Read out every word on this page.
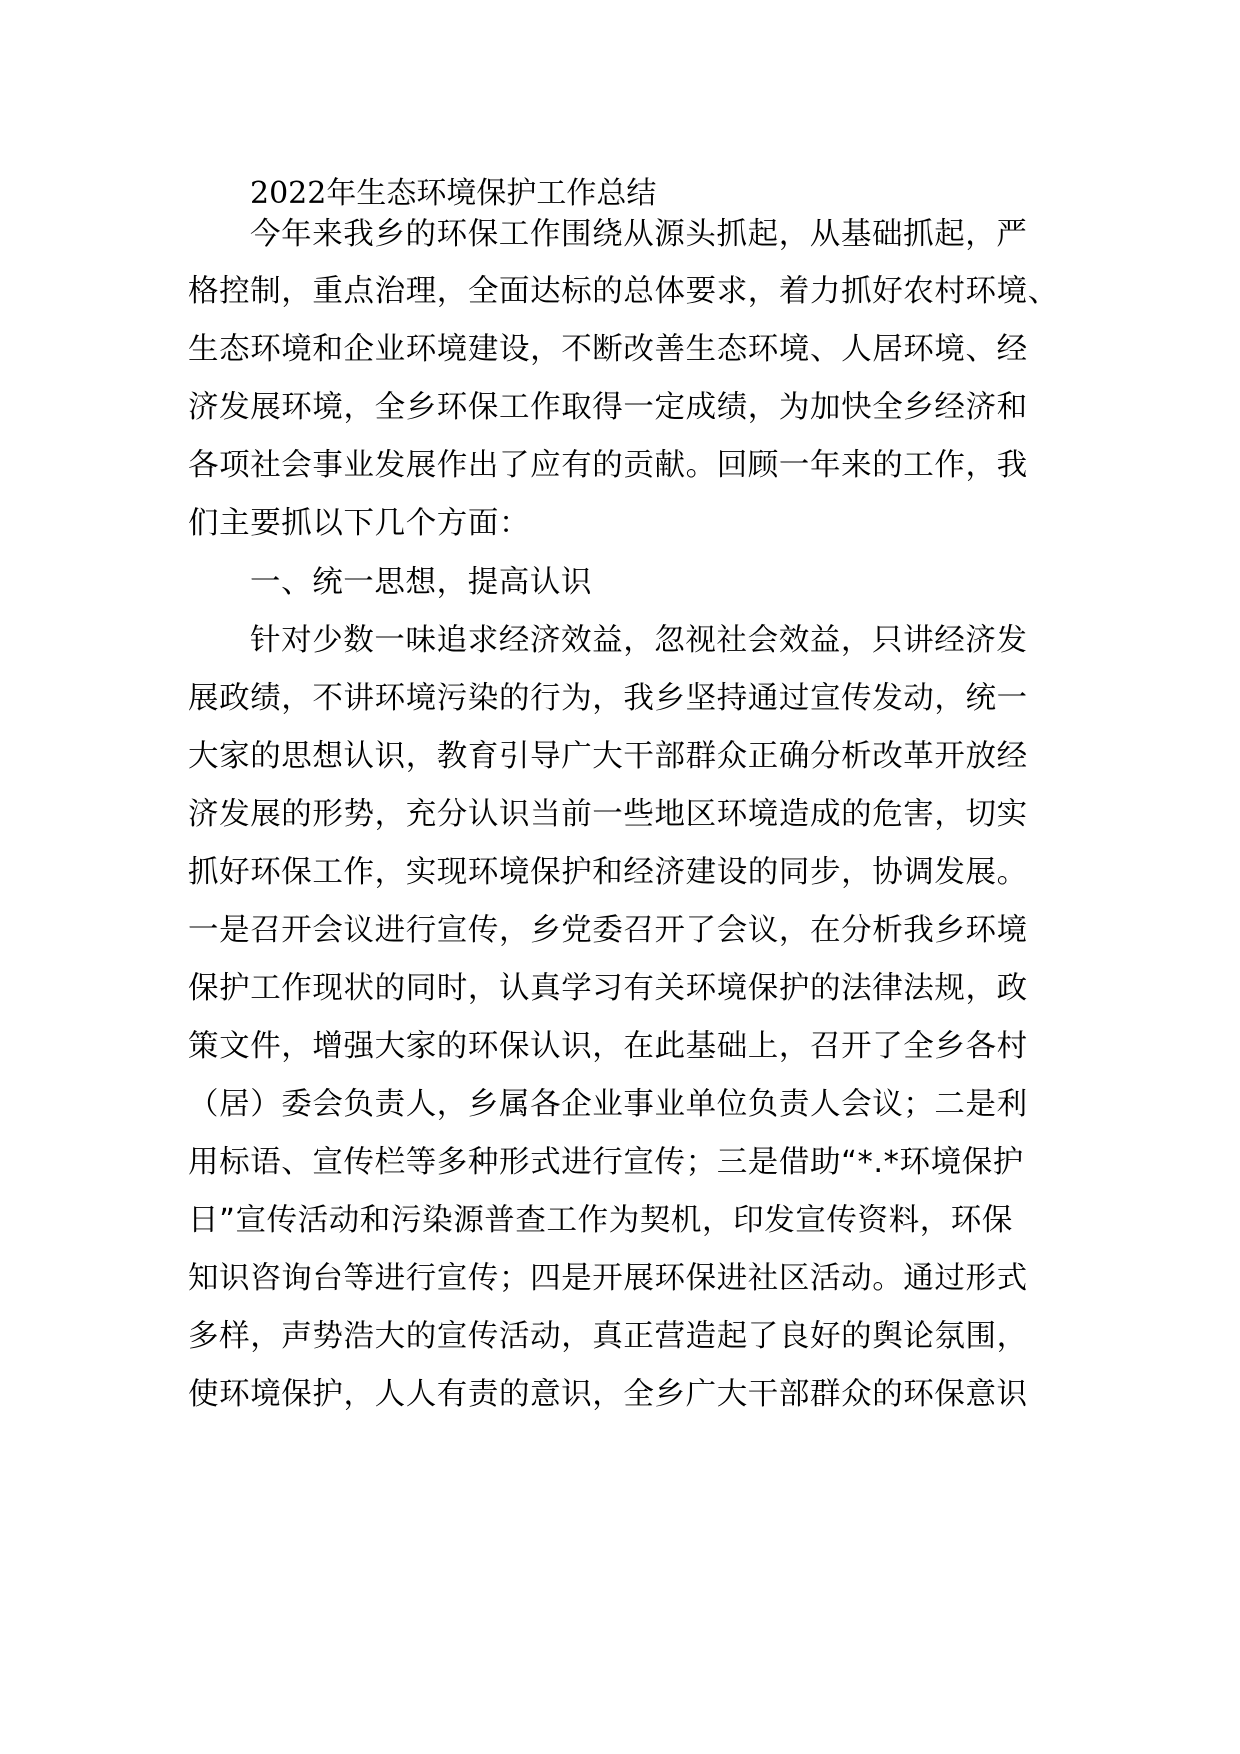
2022年生态环境保护工作总结
今年来我乡的环保工作围绕从源头抓起，从基础抓起，严
格控制，重点治理，全面达标的总体要求，着力抓好农村环境、
生态环境和企业环境建设，不断改善生态环境、人居环境、经
济发展环境，全乡环保工作取得一定成绩，为加快全乡经济和
各项社会事业发展作出了应有的贡献。回顾一年来的工作，我
们主要抓以下几个方面：
一、统一思想，提高认识
针对少数一味追求经济效益，忽视社会效益，只讲经济发
展政绩，不讲环境污染的行为，我乡坚持通过宣传发动，统一
大家的思想认识，教育引导广大干部群众正确分析改革开放经
济发展的形势，充分认识当前一些地区环境造成的危害，切实
抓好环保工作，实现环境保护和经济建设的同步，协调发展。
一是召开会议进行宣传，乡党委召开了会议，在分析我乡环境
保护工作现状的同时，认真学习有关环境保护的法律法规，政
策文件，增强大家的环保认识，在此基础上，召开了全乡各村
（居）委会负责人，乡属各企业事业单位负责人会议；二是利
用标语、宣传栏等多种形式进行宣传；三是借助“*.*环境保护
日”宣传活动和污染源普查工作为契机，印发宣传资料，环保
知识咨询台等进行宣传；四是开展环保进社区活动。通过形式
多样，声势浩大的宣传活动，真正营造起了良好的舆论氛围，
使环境保护，人人有责的意识，全乡广大干部群众的环保意识
